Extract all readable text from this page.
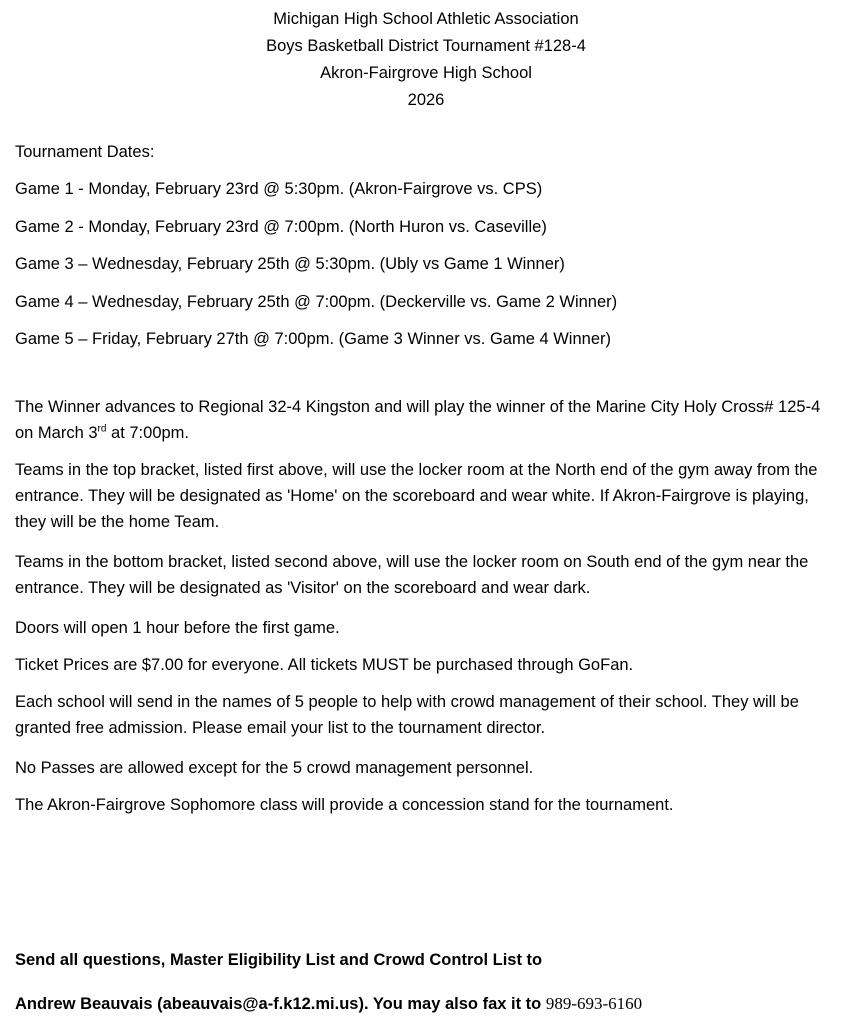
Michigan High School Athletic Association
Boys Basketball District Tournament #128-4
Akron-Fairgrove High School
2026
Tournament Dates:
Game 1 - Monday, February 23rd @ 5:30pm. (Akron-Fairgrove vs. CPS)
Game 2 - Monday, February 23rd @ 7:00pm. (North Huron vs. Caseville)
Game 3 – Wednesday, February 25th @ 5:30pm. (Ubly vs Game 1 Winner)
Game 4 – Wednesday, February 25th @ 7:00pm. (Deckerville vs. Game 2 Winner)
Game 5 – Friday, February 27th @ 7:00pm. (Game 3 Winner vs. Game 4 Winner)
The Winner advances to Regional 32-4 Kingston and will play the winner of the Marine City Holy Cross# 125-4 on March 3rd at 7:00pm.
Teams in the top bracket, listed first above, will use the locker room at the North end of the gym away from the entrance. They will be designated as 'Home' on the scoreboard and wear white. If Akron-Fairgrove is playing, they will be the home Team.
Teams in the bottom bracket, listed second above, will use the locker room on South end of the gym near the entrance. They will be designated as 'Visitor' on the scoreboard and wear dark.
Doors will open 1 hour before the first game.
Ticket Prices are $7.00 for everyone. All tickets MUST be purchased through GoFan.
Each school will send in the names of 5 people to help with crowd management of their school. They will be granted free admission. Please email your list to the tournament director.
No Passes are allowed except for the 5 crowd management personnel.
The Akron-Fairgrove Sophomore class will provide a concession stand for the tournament.
Send all questions, Master Eligibility List and Crowd Control List to
Andrew Beauvais (abeauvais@a-f.k12.mi.us). You may also fax it to 989-693-6160
